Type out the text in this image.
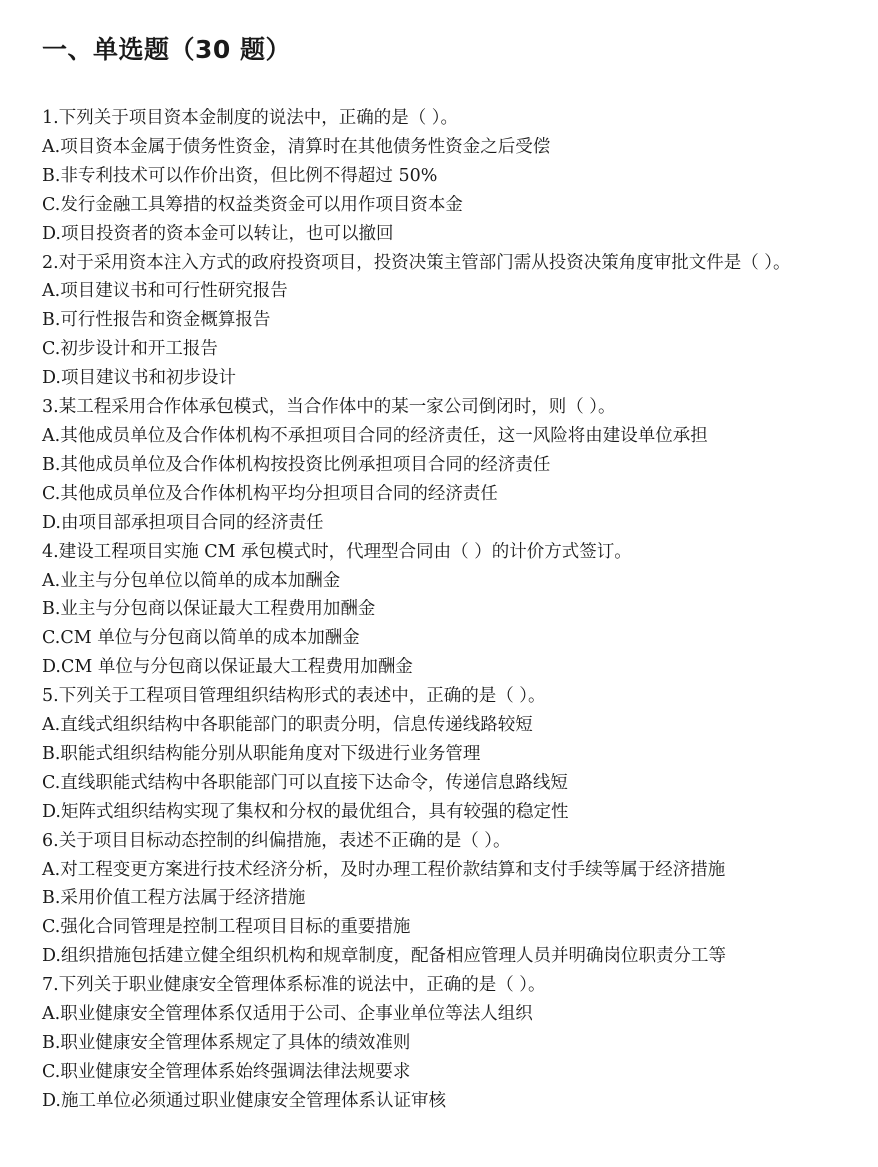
一、单选题（30 题）

1.下列关于项目资本金制度的说法中，正确的是（ ）。

A.项目资本金属于债务性资金，清算时在其他债务性资金之后受偿

B.非专利技术可以作价出资，但比例不得超过 50%

C.发行金融工具筹措的权益类资金可以用作项目资本金

D.项目投资者的资本金可以转让，也可以撤回

2.对于采用资本注入方式的政府投资项目，投资决策主管部门需从投资决策角度审批文件是（ ）。

A.项目建议书和可行性研究报告

B.可行性报告和资金概算报告

C.初步设计和开工报告

D.项目建议书和初步设计

3.某工程采用合作体承包模式，当合作体中的某一家公司倒闭时，则（ ）。

A.其他成员单位及合作体机构不承担项目合同的经济责任，这一风险将由建设单位承担

B.其他成员单位及合作体机构按投资比例承担项目合同的经济责任

C.其他成员单位及合作体机构平均分担项目合同的经济责任

D.由项目部承担项目合同的经济责任

4.建设工程项目实施 CM 承包模式时，代理型合同由（ ）的计价方式签订。

A.业主与分包单位以简单的成本加酬金

B.业主与分包商以保证最大工程费用加酬金

C.CM 单位与分包商以简单的成本加酬金

D.CM 单位与分包商以保证最大工程费用加酬金

5.下列关于工程项目管理组织结构形式的表述中，正确的是（ ）。

A.直线式组织结构中各职能部门的职责分明，信息传递线路较短

B.职能式组织结构能分别从职能角度对下级进行业务管理

C.直线职能式结构中各职能部门可以直接下达命令，传递信息路线短

D.矩阵式组织结构实现了集权和分权的最优组合，具有较强的稳定性

6.关于项目目标动态控制的纠偏措施，表述不正确的是（ ）。

A.对工程变更方案进行技术经济分析，及时办理工程价款结算和支付手续等属于经济措施

B.采用价值工程方法属于经济措施

C.强化合同管理是控制工程项目目标的重要措施

D.组织措施包括建立健全组织机构和规章制度，配备相应管理人员并明确岗位职责分工等

7.下列关于职业健康安全管理体系标准的说法中，正确的是（ ）。

A.职业健康安全管理体系仅适用于公司、企事业单位等法人组织

B.职业健康安全管理体系规定了具体的绩效准则

C.职业健康安全管理体系始终强调法律法规要求

D.施工单位必须通过职业健康安全管理体系认证审核
